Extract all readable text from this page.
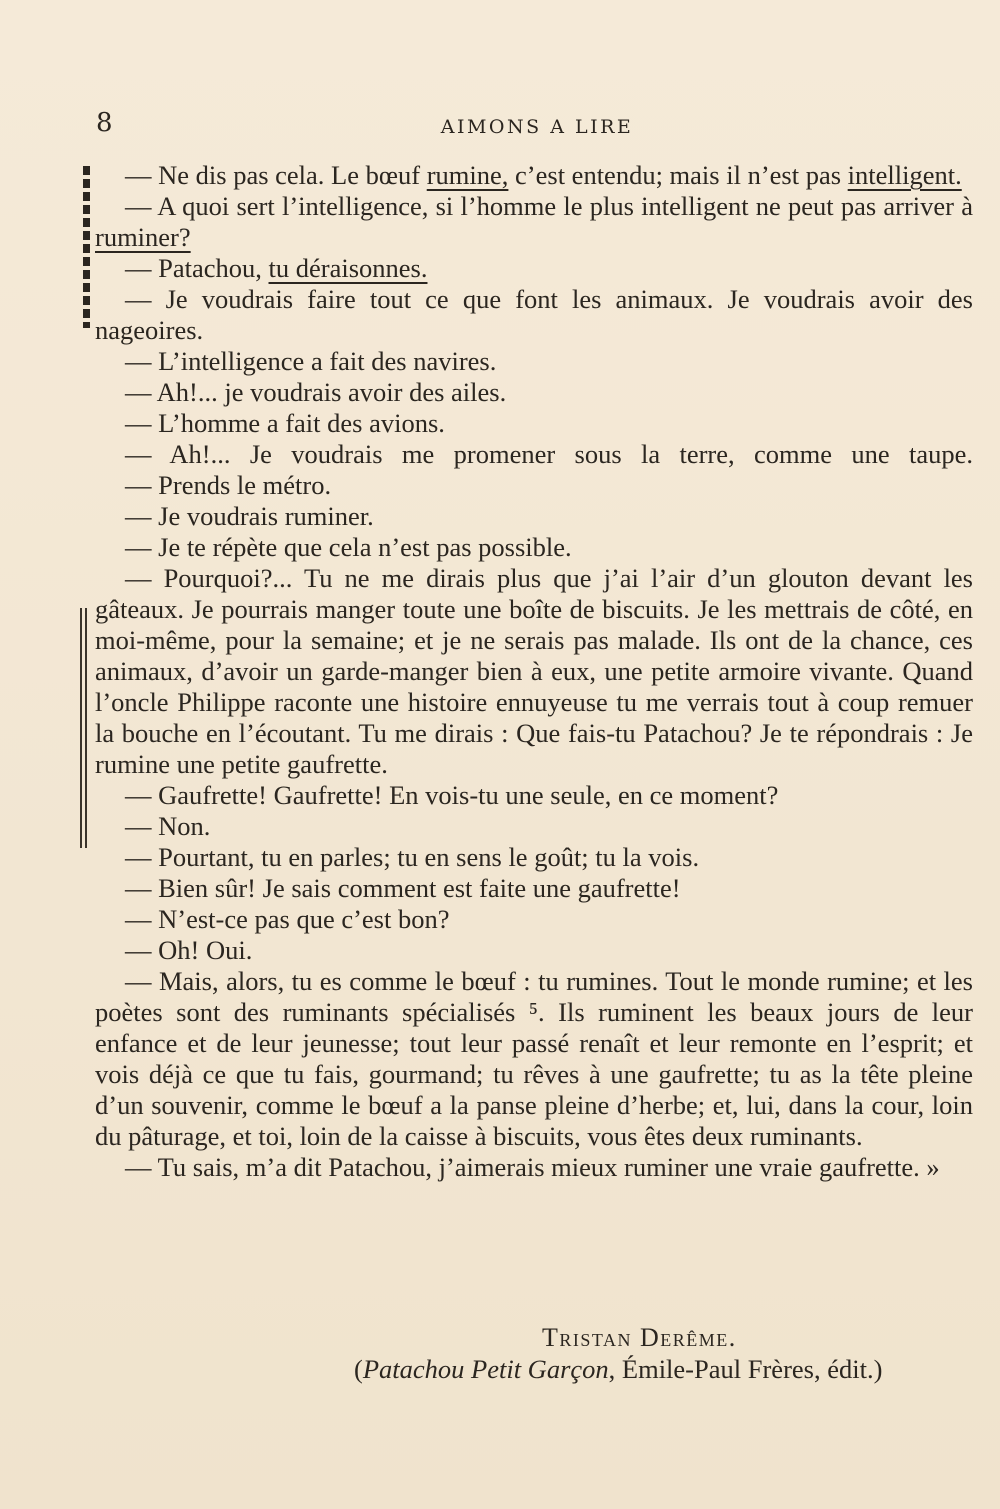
8	AIMONS A LIRE

— Ne dis pas cela. Le bœuf rumine, c’est entendu; mais il n’est pas intelligent.

— A quoi sert l’intelligence, si l’homme le plus intelligent ne peut pas arriver à ruminer?

— Patachou, tu déraisonnes.

— Je voudrais faire tout ce que font les animaux. Je voudrais avoir des nageoires.

— L’intelligence a fait des navires.

— Ah!... je voudrais avoir des ailes.

— L’homme a fait des avions.

— Ah!... Je voudrais me promener sous la terre, comme une taupe.

— Prends le métro.

— Je voudrais ruminer.

— Je te répète que cela n’est pas possible.

— Pourquoi?... Tu ne me dirais plus que j’ai l’air d’un glouton devant les gâteaux. Je pourrais manger toute une boîte de biscuits. Je les mettrais de côté, en moi-même, pour la semaine; et je ne serais pas malade. Ils ont de la chance, ces animaux, d’avoir un garde-manger bien à eux, une petite armoire vivante. Quand l’oncle Philippe raconte une histoire ennuyeuse tu me verrais tout à coup remuer la bouche en l’écoutant. Tu me dirais : Que fais-tu Patachou? Je te répondrais : Je rumine une petite gaufrette.

— Gaufrette! Gaufrette! En vois-tu une seule, en ce moment?

— Non.

— Pourtant, tu en parles; tu en sens le goût; tu la vois.

— Bien sûr! Je sais comment est faite une gaufrette!

— N’est-ce pas que c’est bon?

— Oh! Oui.

— Mais, alors, tu es comme le bœuf : tu rumines. Tout le monde rumine; et les poètes sont des ruminants spécialisés ⁵. Ils ruminent les beaux jours de leur enfance et de leur jeunesse; tout leur passé renaît et leur remonte en l’esprit; et vois déjà ce que tu fais, gourmand; tu rêves à une gaufrette; tu as la tête pleine d’un souvenir, comme le bœuf a la panse pleine d’herbe; et, lui, dans la cour, loin du pâturage, et toi, loin de la caisse à biscuits, vous êtes deux ruminants.

— Tu sais, m’a dit Patachou, j’aimerais mieux ruminer une vraie gaufrette. »

Tristan Derême.
(Patachou Petit Garçon, Émile-Paul Frères, édit.)
